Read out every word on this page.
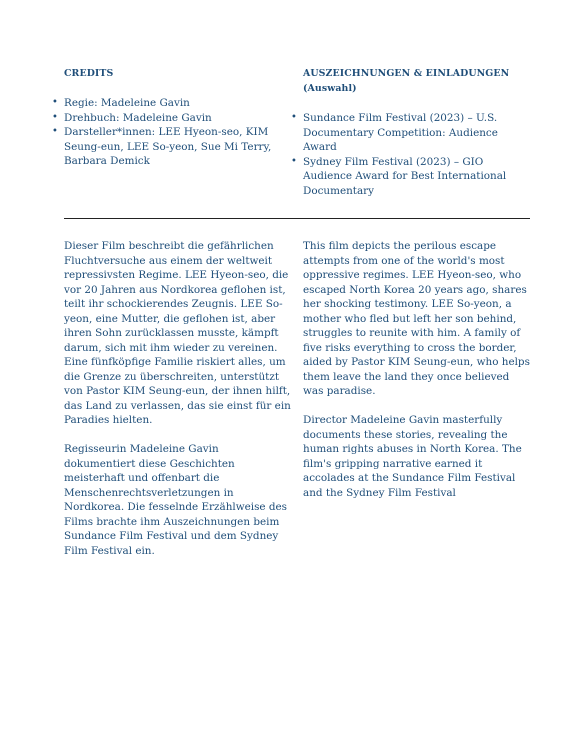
CREDITS
• Regie: Madeleine Gavin
• Drehbuch: Madeleine Gavin
• Darsteller*innen: LEE Hyeon-seo, KIM Seung-eun, LEE So-yeon, Sue Mi Terry, Barbara Demick
AUSZEICHNUNGEN & EINLADUNGEN
(Auswahl)
• Sundance Film Festival (2023) – U.S. Documentary Competition: Audience Award
• Sydney Film Festival (2023) – GIO Audience Award for Best International Documentary

Dieser Film beschreibt die gefährlichen Fluchtversuche aus einem der weltweit repressivsten Regime. LEE Hyeon-seo, die vor 20 Jahren aus Nordkorea geflohen ist, teilt ihr schockierendes Zeugnis. LEE So-yeon, eine Mutter, die geflohen ist, aber ihren Sohn zurücklassen musste, kämpft darum, sich mit ihm wieder zu vereinen. Eine fünfköpfige Familie riskiert alles, um die Grenze zu überschreiten, unterstützt von Pastor KIM Seung-eun, der ihnen hilft, das Land zu verlassen, das sie einst für ein Paradies hielten.

Regisseurin Madeleine Gavin dokumentiert diese Geschichten meisterhaft und offenbart die Menschenrechtsverletzungen in Nordkorea. Die fesselnde Erzählweise des Films brachte ihm Auszeichnungen beim Sundance Film Festival und dem Sydney Film Festival ein.

This film depicts the perilous escape attempts from one of the world's most oppressive regimes. LEE Hyeon-seo, who escaped North Korea 20 years ago, shares her shocking testimony. LEE So-yeon, a mother who fled but left her son behind, struggles to reunite with him. A family of five risks everything to cross the border, aided by Pastor KIM Seung-eun, who helps them leave the land they once believed was paradise.

Director Madeleine Gavin masterfully documents these stories, revealing the human rights abuses in North Korea. The film's gripping narrative earned it accolades at the Sundance Film Festival and the Sydney Film Festival
